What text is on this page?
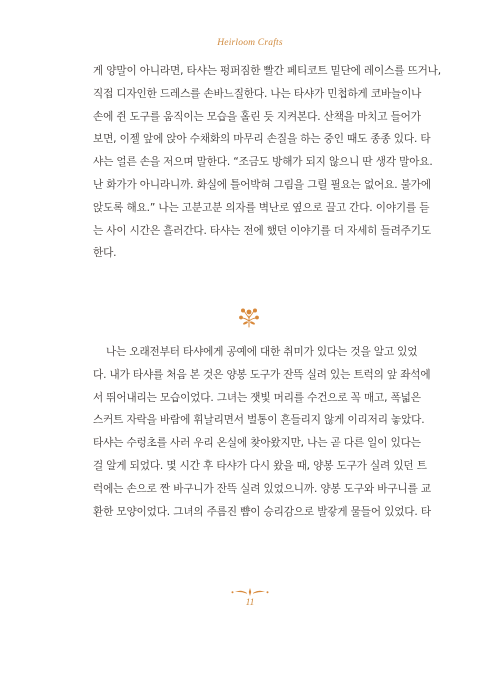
Heirloom Crafts
게 양말이 아니라면, 타샤는 펑퍼짐한 빨간 페티코트 밑단에 레이스를 뜨거나,
직접 디자인한 드레스를 손바느질한다. 나는 타샤가 민첩하게 코바늘이나
손에 쥔 도구를 움직이는 모습을 홀린 듯 지켜본다. 산책을 마치고 들어가
보면, 이젤 앞에 앉아 수채화의 마무리 손질을 하는 중인 때도 종종 있다. 타
샤는 얼른 손을 저으며 말한다. “조금도 방해가 되지 않으니 딴 생각 말아요.
난 화가가 아니라니까. 화실에 틀어박혀 그림을 그릴 필요는 없어요. 불가에
앉도록 해요.” 나는 고분고분 의자를 벽난로 옆으로 끌고 간다. 이야기를 듣
는 사이 시간은 흘러간다. 타샤는 전에 했던 이야기를 더 자세히 들려주기도
한다.
나는 오래전부터 타샤에게 공예에 대한 취미가 있다는 것을 알고 있었
다. 내가 타샤를 처음 본 것은 양봉 도구가 잔뜩 실려 있는 트럭의 앞 좌석에
서 뛰어내리는 모습이었다. 그녀는 잿빛 머리를 수건으로 꼭 매고, 폭넓은
스커트 자락을 바람에 휘날리면서 벌통이 흔들리지 않게 이리저리 놓았다.
타샤는 수렁초를 사러 우리 온실에 찾아왔지만, 나는 곧 다른 일이 있다는
걸 알게 되었다. 몇 시간 후 타샤가 다시 왔을 때, 양봉 도구가 실려 있던 트
럭에는 손으로 짠 바구니가 잔뜩 실려 있었으니까. 양봉 도구와 바구니를 교
환한 모양이었다. 그녀의 주름진 뺨이 승리감으로 발갛게 물들어 있었다. 타
11
